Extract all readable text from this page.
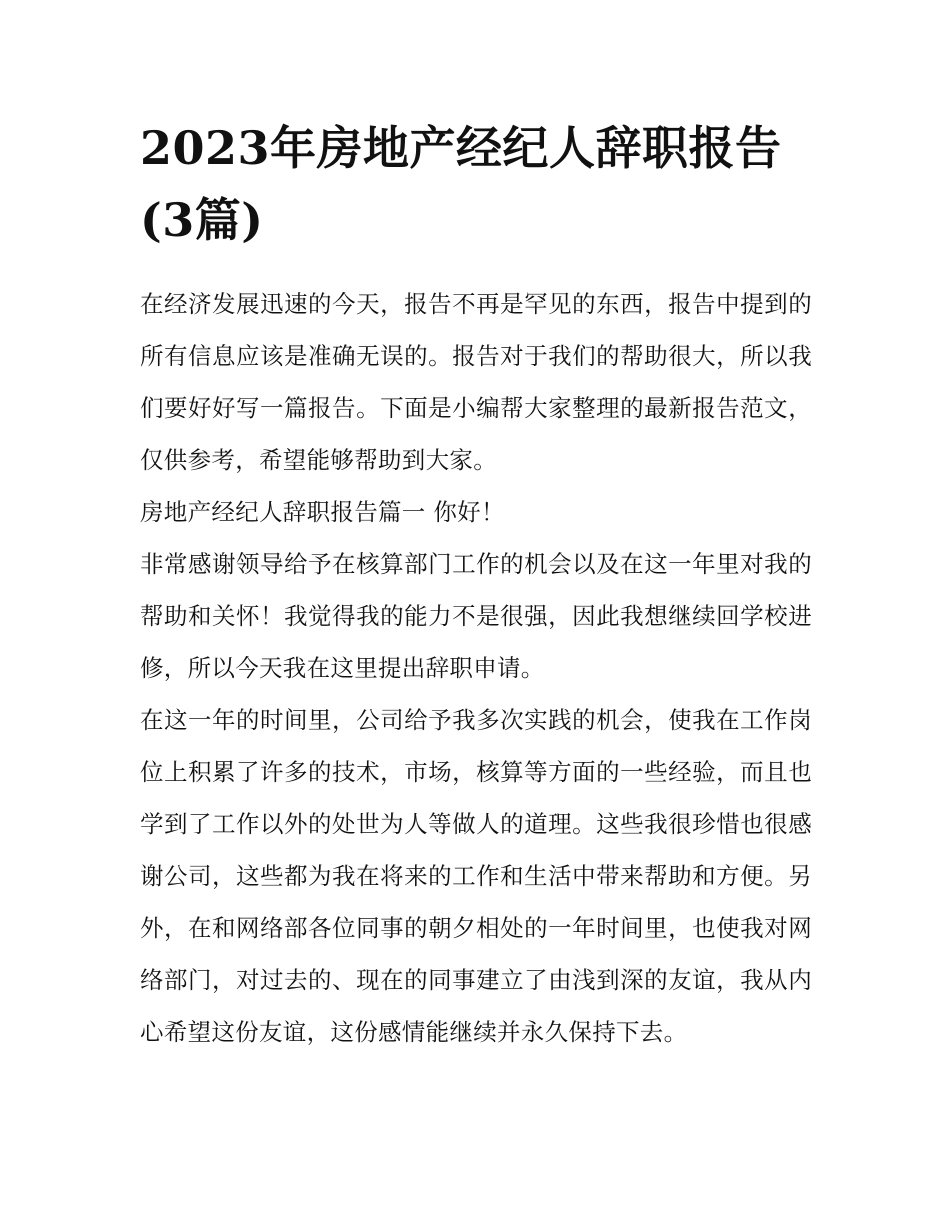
2023年房地产经纪人辞职报告
(3篇)

在经济发展迅速的今天，报告不再是罕见的东西，报告中提到的所有信息应该是准确无误的。报告对于我们的帮助很大，所以我们要好好写一篇报告。下面是小编帮大家整理的最新报告范文，仅供参考，希望能够帮助到大家。

房地产经纪人辞职报告篇一 你好！

非常感谢领导给予在核算部门工作的机会以及在这一年里对我的帮助和关怀！我觉得我的能力不是很强，因此我想继续回学校进修，所以今天我在这里提出辞职申请。

在这一年的时间里，公司给予我多次实践的机会，使我在工作岗位上积累了许多的技术，市场，核算等方面的一些经验，而且也学到了工作以外的处世为人等做人的道理。这些我很珍惜也很感谢公司，这些都为我在将来的工作和生活中带来帮助和方便。另外，在和网络部各位同事的朝夕相处的一年时间里，也使我对网络部门，对过去的、现在的同事建立了由浅到深的友谊，我从内心希望这份友谊，这份感情能继续并永久保持下去。
